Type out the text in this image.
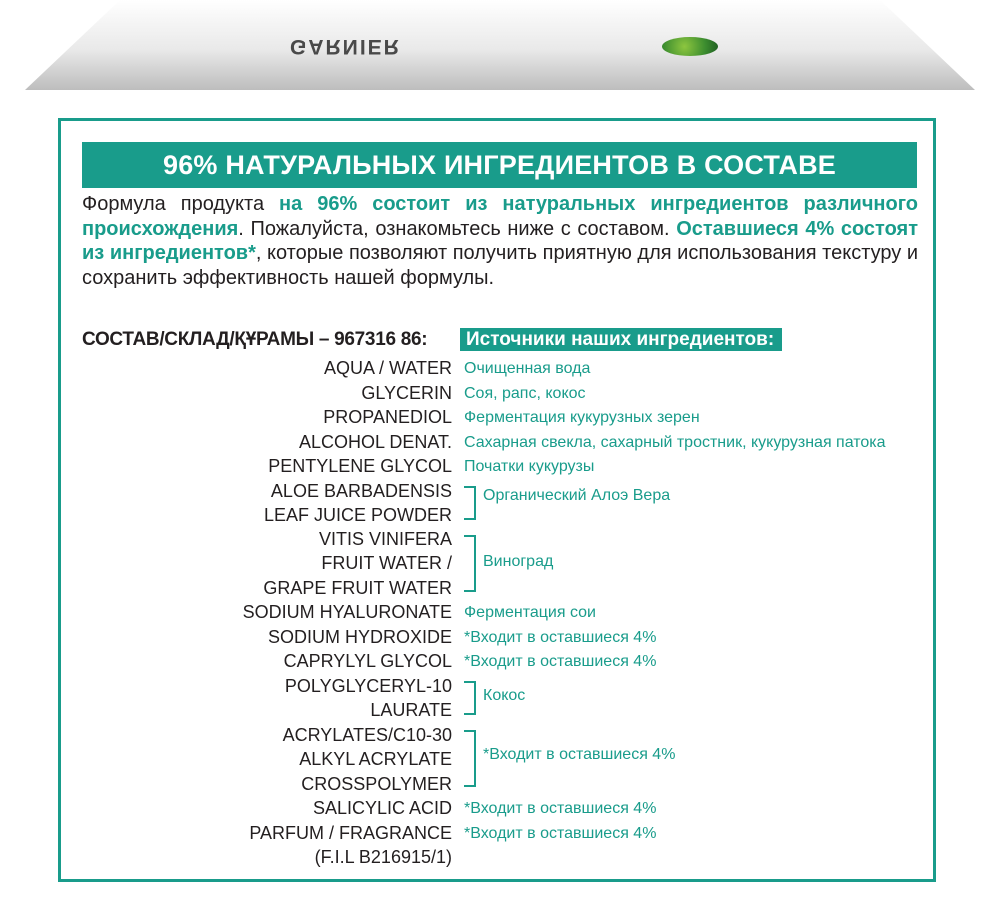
GARNIER
96% НАТУРАЛЬНЫХ ИНГРЕДИЕНТОВ В СОСТАВЕ
Формула продукта на 96% состоит из натуральных ингредиентов различного происхождения. Пожалуйста, ознакомьтесь ниже с составом. Оставшиеся 4% состоят из ингредиентов*, которые позволяют получить приятную для использования текстуру и сохранить эффективность нашей формулы.
СОСТАВ/СКЛАД/ҚҰРАМЫ – 967316 86:	Источники наших ингредиентов:
AQUA / WATER
GLYCERIN
PROPANEDIOL
ALCOHOL DENAT.
PENTYLENE GLYCOL
ALOE BARBADENSIS
LEAF JUICE POWDER
VITIS VINIFERA
FRUIT WATER /
GRAPE FRUIT WATER
SODIUM HYALURONATE
SODIUM HYDROXIDE
CAPRYLYL GLYCOL
POLYGLYCERYL-10
LAURATE
ACRYLATES/C10-30
ALKYL ACRYLATE
CROSSPOLYMER
SALICYLIC ACID
PARFUM / FRAGRANCE
(F.I.L B216915/1)
Очищенная вода
Соя, рапс, кокос
Ферментация кукурузных зерен
Сахарная свекла, сахарный тростник, кукурузная патока
Початки кукурузы
Органический Алоэ Вера
Виноград
Ферментация сои
*Входит в оставшиеся 4%
*Входит в оставшиеся 4%
Кокос
*Входит в оставшиеся 4%
*Входит в оставшиеся 4%
*Входит в оставшиеся 4%
